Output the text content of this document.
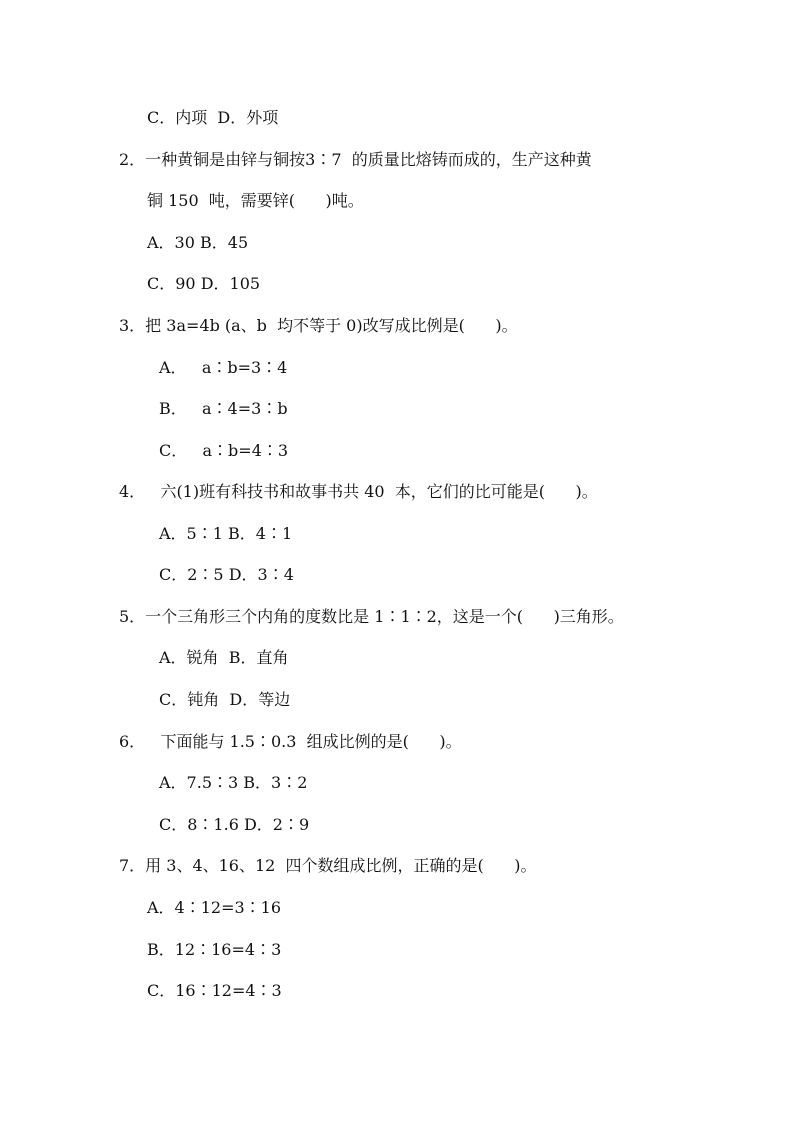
C．内项  D．外项
2．一种黄铜是由锌与铜按3∶7  的质量比熔铸而成的，生产这种黄
铜 150  吨，需要锌(      )吨。
A．30 B．45
C．90 D．105
3．把 3a=4b (a、b  均不等于 0)改写成比例是(      )。
A．   a∶b=3∶4
B．   a∶4=3∶b
C．   a∶b=4∶3
4．   六(1)班有科技书和故事书共 40  本，它们的比可能是(      )。
A．5∶1 B．4∶1
C．2∶5 D．3∶4
5．一个三角形三个内角的度数比是 1∶1∶2，这是一个(      )三角形。
A．锐角  B．直角
C．钝角  D．等边
6．   下面能与 1.5∶0.3  组成比例的是(      )。
A．7.5∶3 B．3∶2
C．8∶1.6 D．2∶9
7．用 3、4、16、12  四个数组成比例，正确的是(      )。
A．4∶12=3∶16
B．12∶16=4∶3
C．16∶12=4∶3
